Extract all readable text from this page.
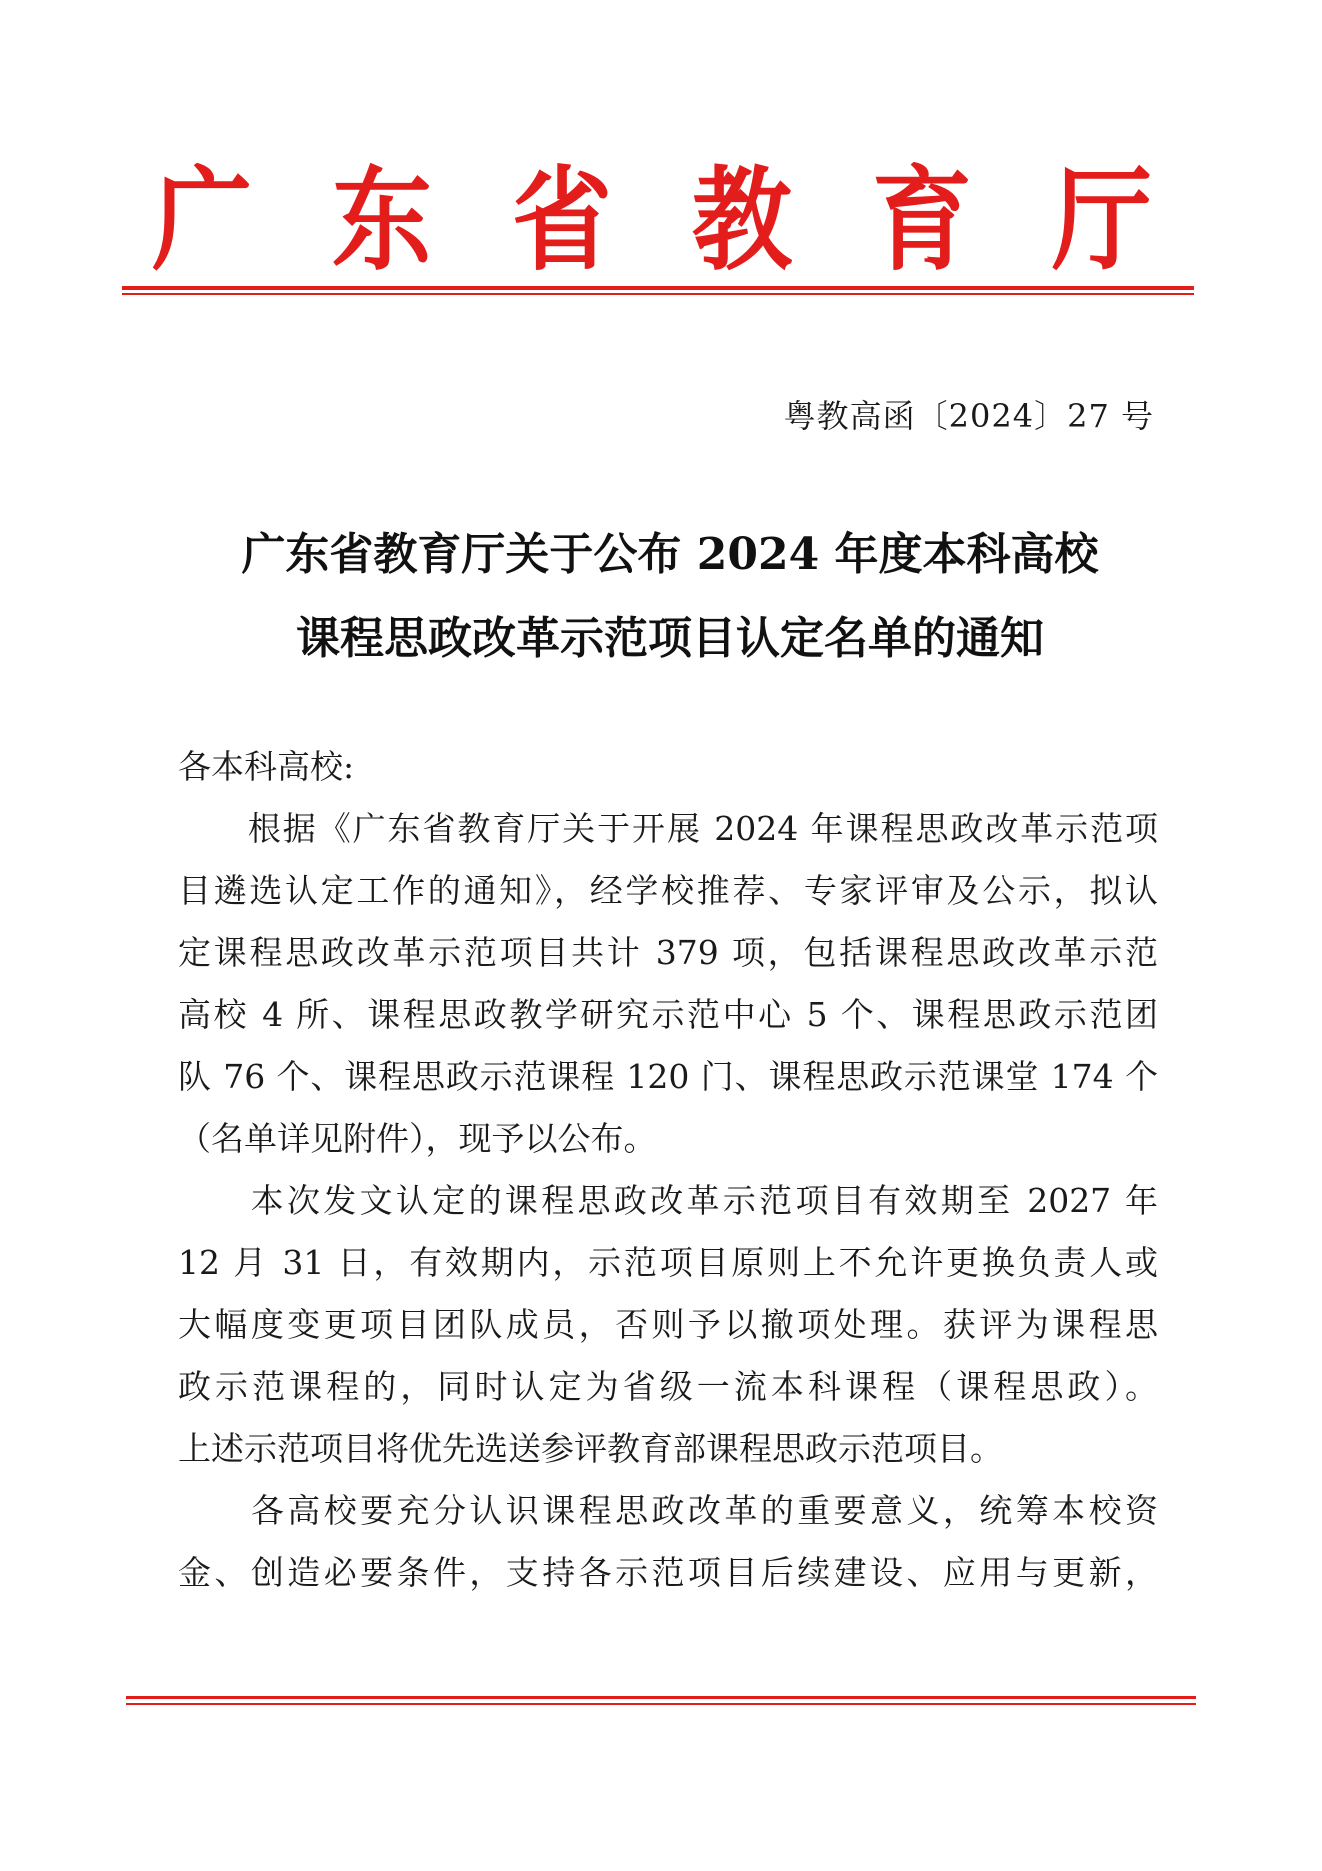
广 东 省 教 育 厅
粤教高函〔2024〕27 号
广东省教育厅关于公布 2024 年度本科高校
课程思政改革示范项目认定名单的通知

各本科高校:

　　根据《广东省教育厅关于开展 2024 年课程思政改革示范项

目遴选认定工作的通知》，经学校推荐、专家评审及公示，拟认

定课程思政改革示范项目共计 379 项，包括课程思政改革示范

高校 4 所、课程思政教学研究示范中心 5 个、课程思政示范团

队 76 个、课程思政示范课程 120 门、课程思政示范课堂 174 个

（名单详见附件），现予以公布。

　　本次发文认定的课程思政改革示范项目有效期至 2027 年

12 月 31 日，有效期内，示范项目原则上不允许更换负责人或

大幅度变更项目团队成员，否则予以撤项处理。获评为课程思

政示范课程的，同时认定为省级一流本科课程（课程思政）。

上述示范项目将优先选送参评教育部课程思政示范项目。

　　各高校要充分认识课程思政改革的重要意义，统筹本校资

金、创造必要条件，支持各示范项目后续建设、应用与更新，
